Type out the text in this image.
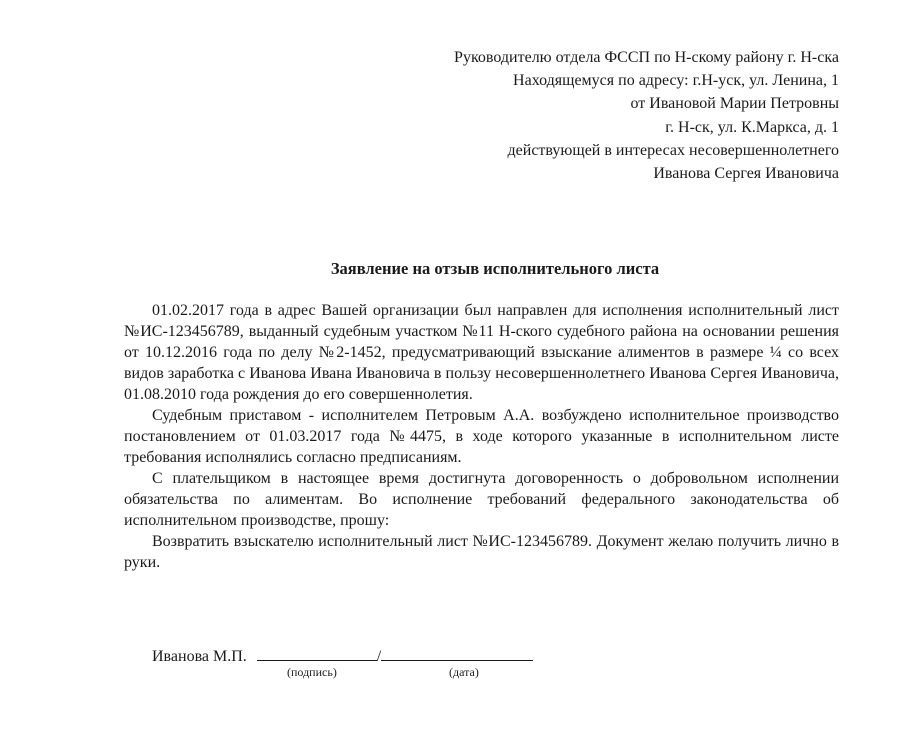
Руководителю отдела ФССП по Н-скому району г. Н-ска
Находящемуся по адресу: г.Н-уск, ул. Ленина, 1
от Ивановой Марии Петровны
г. Н-ск, ул. К.Маркса, д. 1
действующей в интересах несовершеннолетнего
Иванова Сергея Ивановича
Заявление на отзыв исполнительного листа

01.02.2017 года в адрес Вашей организации был направлен для исполнения исполнительный лист №ИС-123456789, выданный судебным участком №11 Н-ского судебного района на основании решения от 10.12.2016 года по делу №2-1452, предусматривающий взыскание алиментов в размере ¼ со всех видов заработка с Иванова Ивана Ивановича в пользу несовершеннолетнего Иванова Сергея Ивановича, 01.08.2010 года рождения до его совершеннолетия.

Судебным приставом - исполнителем Петровым А.А. возбуждено исполнительное производство постановлением от 01.03.2017 года №4475, в ходе которого указанные в исполнительном листе требования исполнялись согласно предписаниям.

С плательщиком в настоящее время достигнута договоренность о добровольном исполнении обязательства по алиментам. Во исполнение требований федерального законодательства об исполнительном производстве, прошу:

Возвратить взыскателю исполнительный лист №ИС-123456789. Документ желаю получить лично в руки.

Иванова М.П.	/
(подпись)	(дата)
